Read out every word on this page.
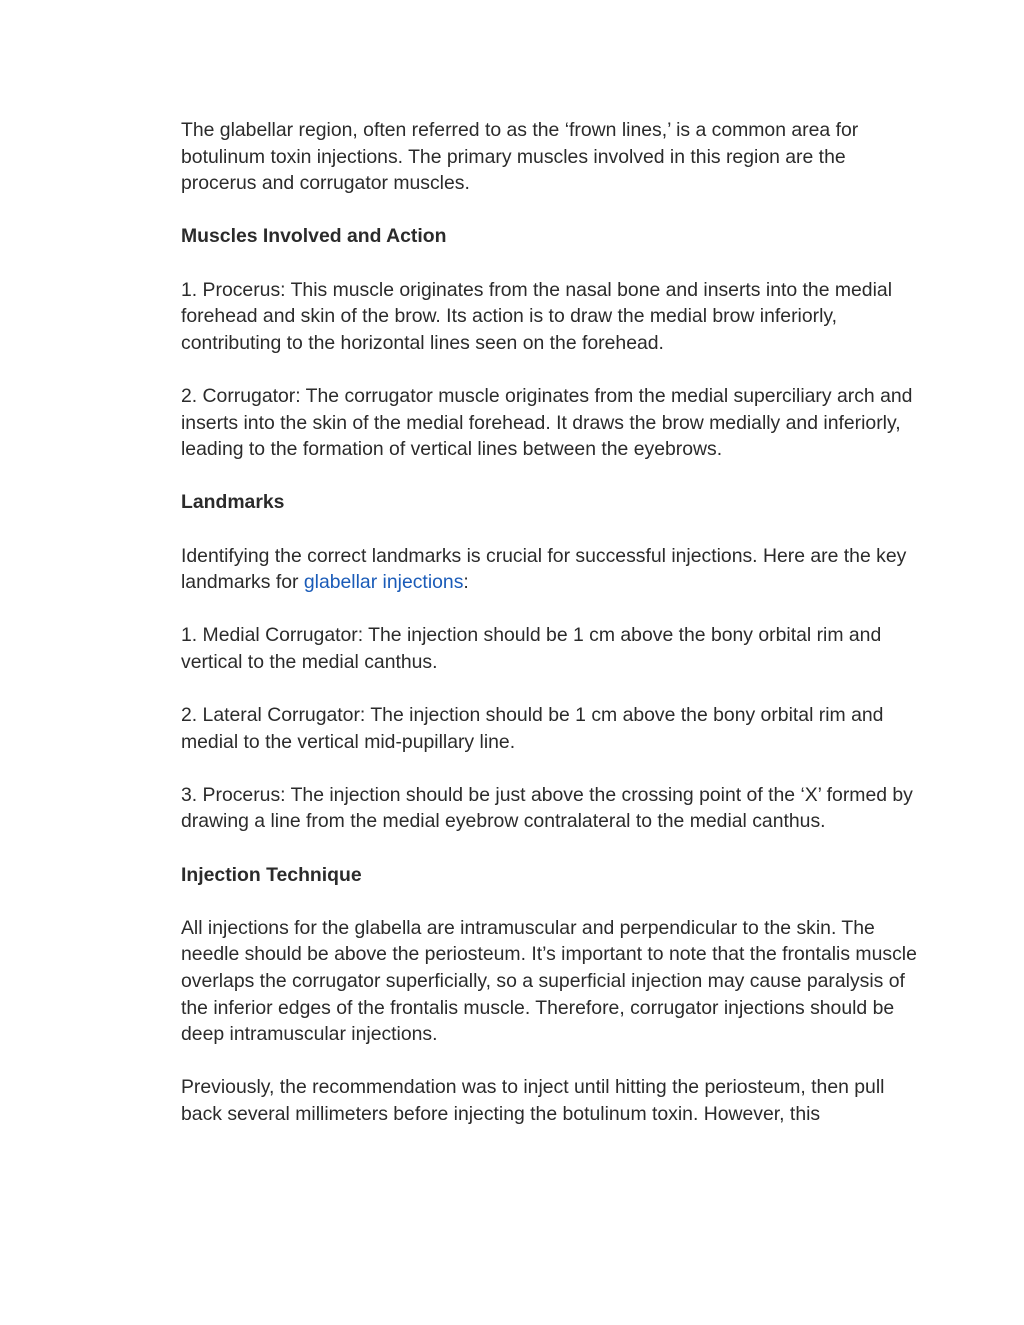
The glabellar region, often referred to as the ‘frown lines,’ is a common area for botulinum toxin injections. The primary muscles involved in this region are the procerus and corrugator muscles.

Muscles Involved and Action

1. Procerus: This muscle originates from the nasal bone and inserts into the medial forehead and skin of the brow. Its action is to draw the medial brow inferiorly, contributing to the horizontal lines seen on the forehead.

2. Corrugator: The corrugator muscle originates from the medial superciliary arch and inserts into the skin of the medial forehead. It draws the brow medially and inferiorly, leading to the formation of vertical lines between the eyebrows.

Landmarks

Identifying the correct landmarks is crucial for successful injections. Here are the key landmarks for glabellar injections:

1. Medial Corrugator: The injection should be 1 cm above the bony orbital rim and vertical to the medial canthus.

2. Lateral Corrugator: The injection should be 1 cm above the bony orbital rim and medial to the vertical mid-pupillary line.

3. Procerus: The injection should be just above the crossing point of the ‘X’ formed by drawing a line from the medial eyebrow contralateral to the medial canthus.

Injection Technique

All injections for the glabella are intramuscular and perpendicular to the skin. The needle should be above the periosteum. It’s important to note that the frontalis muscle overlaps the corrugator superficially, so a superficial injection may cause paralysis of the inferior edges of the frontalis muscle. Therefore, corrugator injections should be deep intramuscular injections.

Previously, the recommendation was to inject until hitting the periosteum, then pull back several millimeters before injecting the botulinum toxin. However, this
